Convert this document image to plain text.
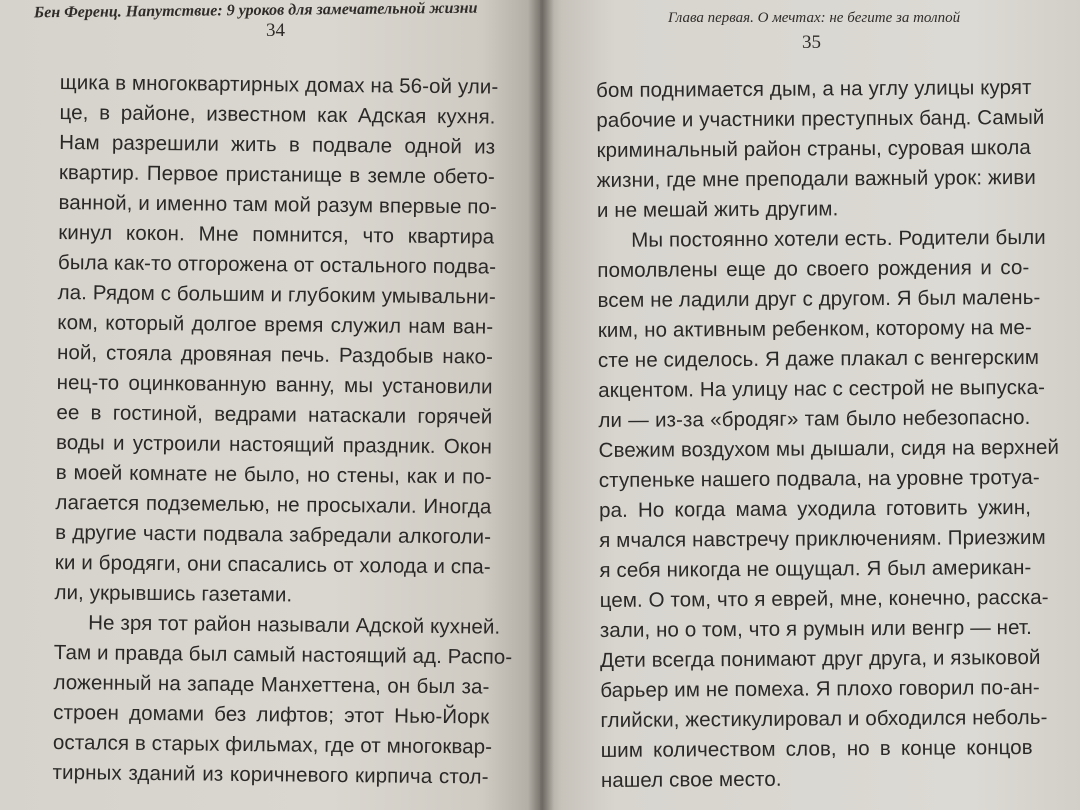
Бен Ференц. Напутствие: 9 уроков для замечательной жизни
34
щика в многоквартирных домах на 56-ой ули-
це, в районе, известном как Адская кухня.
Нам разрешили жить в подвале одной из
квартир. Первое пристанище в земле обето-
ванной, и именно там мой разум впервые по-
кинул кокон. Мне помнится, что квартира
была как-то отгорожена от остального подва-
ла. Рядом с большим и глубоким умывальни-
ком, который долгое время служил нам ван-
ной, стояла дровяная печь. Раздобыв нако-
нец-то оцинкованную ванну, мы установили
ее в гостиной, ведрами натаскали горячей
воды и устроили настоящий праздник. Окон
в моей комнате не было, но стены, как и по-
лагается подземелью, не просыхали. Иногда
в другие части подвала забредали алкоголи-
ки и бродяги, они спасались от холода и спа-
ли, укрывшись газетами.
Не зря тот район называли Адской кухней.
Там и правда был самый настоящий ад. Распо-
ложенный на западе Манхеттена, он был за-
строен домами без лифтов; этот Нью-Йорк
остался в старых фильмах, где от многоквар-
тирных зданий из коричневого кирпича стол-
Глава первая. О мечтах: не бегите за толпой
35
бом поднимается дым, а на углу улицы курят
рабочие и участники преступных банд. Самый
криминальный район страны, суровая школа
жизни, где мне преподали важный урок: живи
и не мешай жить другим.
Мы постоянно хотели есть. Родители были
помолвлены еще до своего рождения и со-
всем не ладили друг с другом. Я был малень-
ким, но активным ребенком, которому на ме-
сте не сиделось. Я даже плакал с венгерским
акцентом. На улицу нас с сестрой не выпуска-
ли — из-за «бродяг» там было небезопасно.
Свежим воздухом мы дышали, сидя на верхней
ступеньке нашего подвала, на уровне тротуа-
ра. Но когда мама уходила готовить ужин,
я мчался навстречу приключениям. Приезжим
я себя никогда не ощущал. Я был американ-
цем. О том, что я еврей, мне, конечно, расска-
зали, но о том, что я румын или венгр — нет.
Дети всегда понимают друг друга, и языковой
барьер им не помеха. Я плохо говорил по-ан-
глийски, жестикулировал и обходился неболь-
шим количеством слов, но в конце концов
нашел свое место.
